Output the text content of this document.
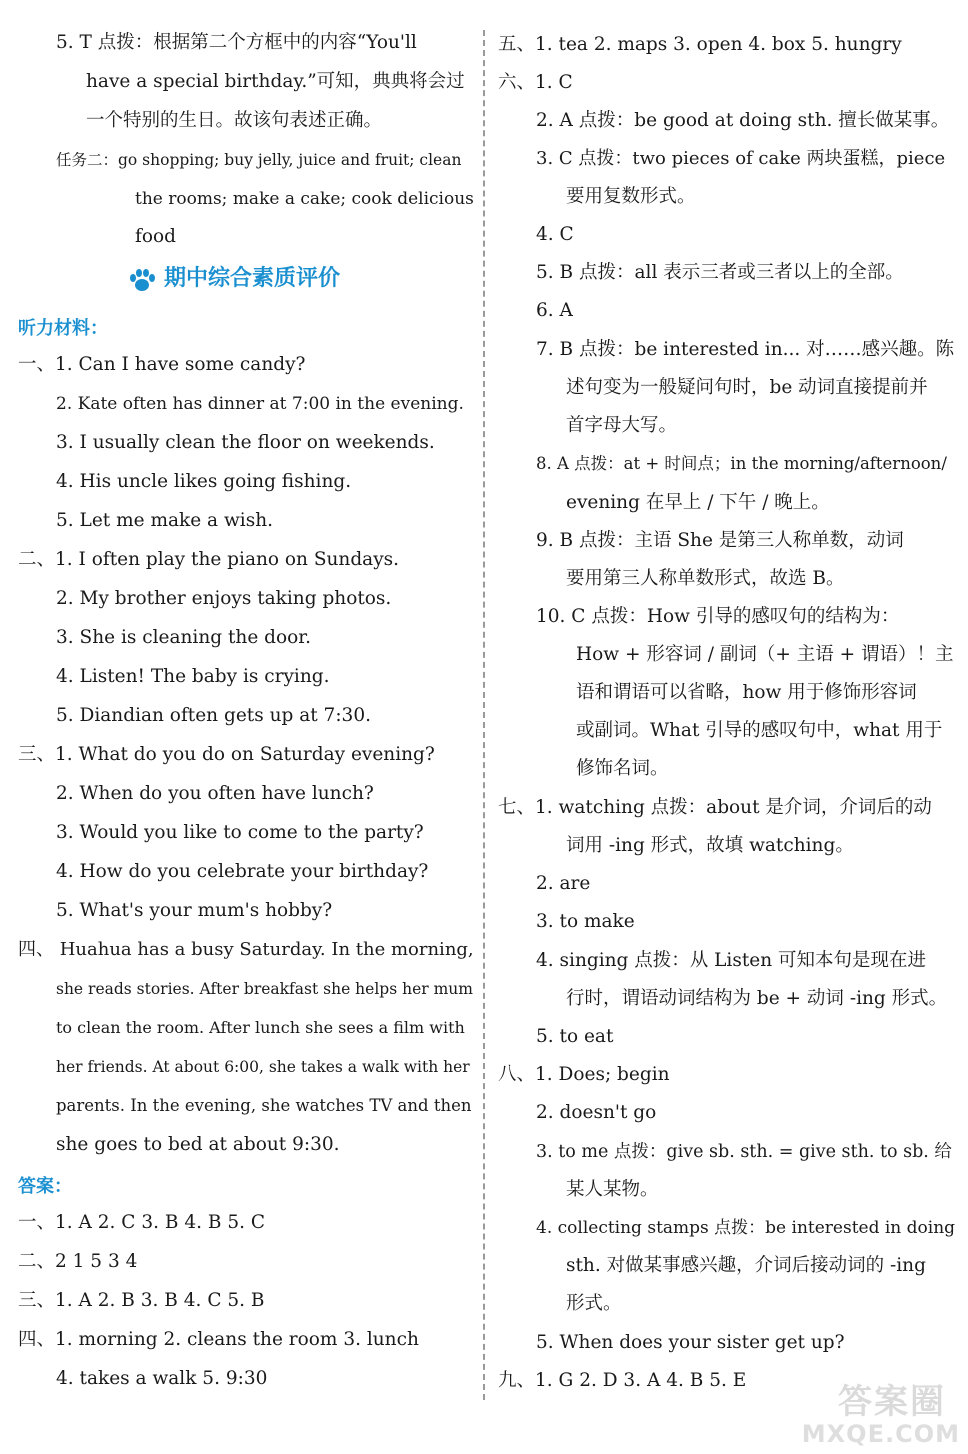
5. T 点拨：根据第二个方框中的内容“You'll
have a special birthday.”可知，典典将会过
一个特别的生日。故该句表述正确。
任务二：go shopping; buy jelly, juice and fruit; clean
the rooms; make a cake; cook delicious
food
期中综合素质评价
听力材料：
一、1. Can I have some candy?
2. Kate often has dinner at 7:00 in the evening.
3. I usually clean the floor on weekends.
4. His uncle likes going fishing.
5. Let me make a wish.
二、1. I often play the piano on Sundays.
2. My brother enjoys taking photos.
3. She is cleaning the door.
4. Listen! The baby is crying.
5. Diandian often gets up at 7:30.
三、1. What do you do on Saturday evening?
2. When do you often have lunch?
3. Would you like to come to the party?
4. How do you celebrate your birthday?
5. What's your mum's hobby?
四、 Huahua has a busy Saturday. In the morning,
she reads stories. After breakfast she helps her mum
to clean the room. After lunch she sees a film with
her friends. At about 6:00, she takes a walk with her
parents. In the evening, she watches TV and then
she goes to bed at about 9:30.
答案：
一、1. A 2. C 3. B 4. B 5. C
二、2 1 5 3 4
三、1. A 2. B 3. B 4. C 5. B
四、1. morning 2. cleans the room 3. lunch
4. takes a walk 5. 9:30
五、1. tea 2. maps 3. open 4. box 5. hungry
六、1. C
2. A 点拨：be good at doing sth. 擅长做某事。
3. C 点拨：two pieces of cake 两块蛋糕，piece
要用复数形式。
4. C
5. B 点拨：all 表示三者或三者以上的全部。
6. A
7. B 点拨：be interested in... 对……感兴趣。陈
述句变为一般疑问句时，be 动词直接提前并
首字母大写。
8. A 点拨：at + 时间点；in the morning/afternoon/
evening 在早上 / 下午 / 晚上。
9. B 点拨：主语 She 是第三人称单数，动词
要用第三人称单数形式，故选 B。
10. C 点拨：How 引导的感叹句的结构为：
How + 形容词 / 副词（+ 主语 + 谓语）！主
语和谓语可以省略，how 用于修饰形容词
或副词。What 引导的感叹句中，what 用于
修饰名词。
七、1. watching 点拨：about 是介词，介词后的动
词用 -ing 形式，故填 watching。
2. are
3. to make
4. singing 点拨：从 Listen 可知本句是现在进
行时，谓语动词结构为 be + 动词 -ing 形式。
5. to eat
八、1. Does; begin
2. doesn't go
3. to me 点拨：give sb. sth. = give sth. to sb. 给
某人某物。
4. collecting stamps 点拨：be interested in doing
sth. 对做某事感兴趣，介词后接动词的 -ing
形式。
5. When does your sister get up?
九、1. G 2. D 3. A 4. B 5. E
答案圈
MXQE.COM
